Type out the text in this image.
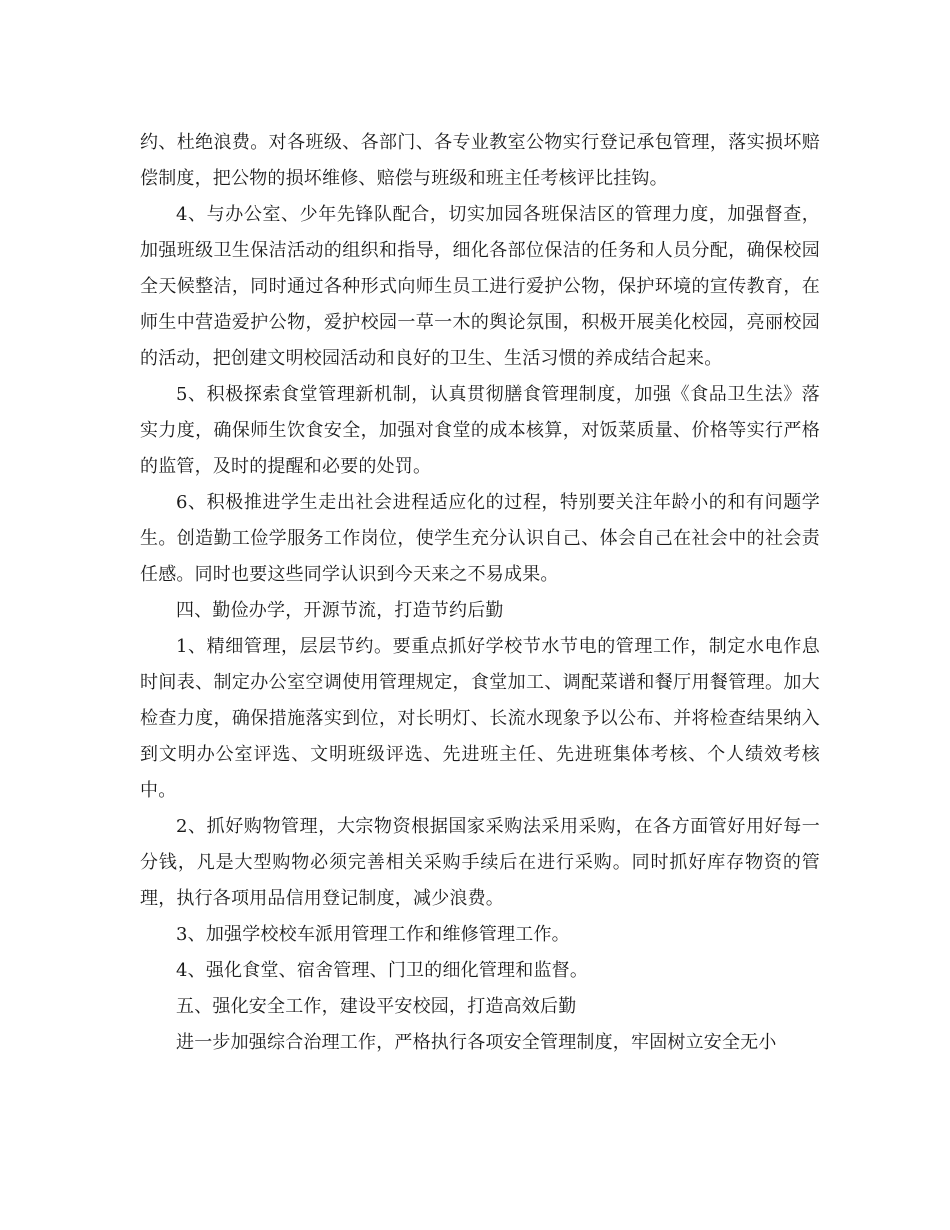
约、杜绝浪费。对各班级、各部门、各专业教室公物实行登记承包管理，落实损坏赔偿制度，把公物的损坏维修、赔偿与班级和班主任考核评比挂钩。

4、与办公室、少年先锋队配合，切实加园各班保洁区的管理力度，加强督查，加强班级卫生保洁活动的组织和指导，细化各部位保洁的任务和人员分配，确保校园全天候整洁，同时通过各种形式向师生员工进行爱护公物，保护环境的宣传教育，在师生中营造爱护公物，爱护校园一草一木的舆论氛围，积极开展美化校园，亮丽校园的活动，把创建文明校园活动和良好的卫生、生活习惯的养成结合起来。

5、积极探索食堂管理新机制，认真贯彻膳食管理制度，加强《食品卫生法》落实力度，确保师生饮食安全，加强对食堂的成本核算，对饭菜质量、价格等实行严格的监管，及时的提醒和必要的处罚。

6、积极推进学生走出社会进程适应化的过程，特别要关注年龄小的和有问题学生。创造勤工俭学服务工作岗位，使学生充分认识自己、体会自己在社会中的社会责任感。同时也要这些同学认识到今天来之不易成果。

四、勤俭办学，开源节流，打造节约后勤

1、精细管理，层层节约。要重点抓好学校节水节电的管理工作，制定水电作息时间表、制定办公室空调使用管理规定，食堂加工、调配菜谱和餐厅用餐管理。加大检查力度，确保措施落实到位，对长明灯、长流水现象予以公布、并将检查结果纳入到文明办公室评选、文明班级评选、先进班主任、先进班集体考核、个人绩效考核中。

2、抓好购物管理，大宗物资根据国家采购法采用采购，在各方面管好用好每一分钱，凡是大型购物必须完善相关采购手续后在进行采购。同时抓好库存物资的管理，执行各项用品信用登记制度，减少浪费。

3、加强学校校车派用管理工作和维修管理工作。

4、强化食堂、宿舍管理、门卫的细化管理和监督。

五、强化安全工作，建设平安校园，打造高效后勤

进一步加强综合治理工作，严格执行各项安全管理制度，牢固树立安全无小
